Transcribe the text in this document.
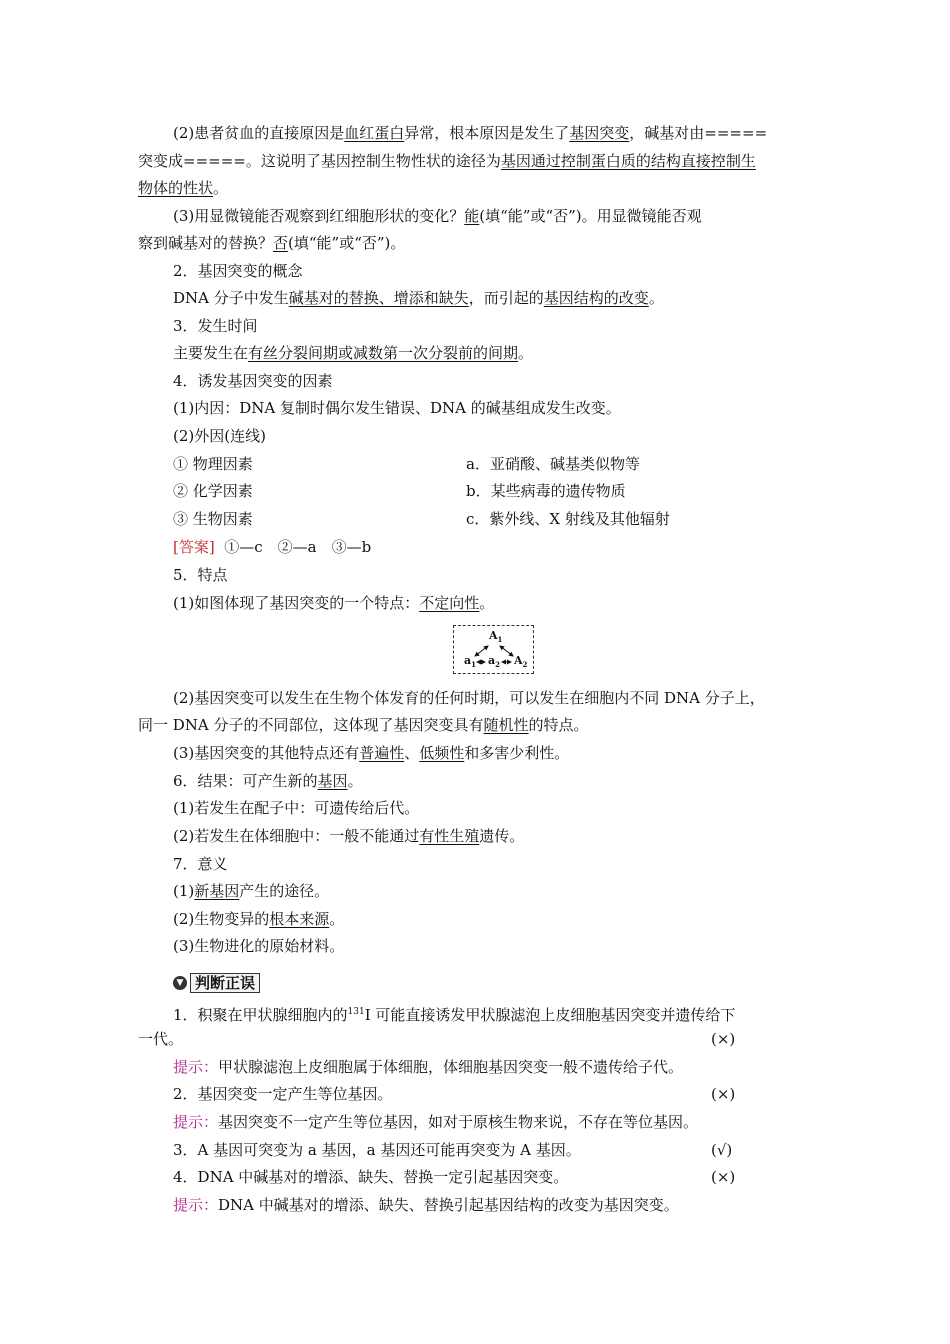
(2)患者贫血的直接原因是血红蛋白异常，根本原因是发生了基因突变，碱基对由=====
突变成=====。这说明了基因控制生物性状的途径为基因通过控制蛋白质的结构直接控制生
物体的性状。
(3)用显微镜能否观察到红细胞形状的变化？能(填“能”或“否”)。用显微镜能否观
察到碱基对的替换？否(填“能”或“否”)。
2．基因突变的概念
DNA 分子中发生碱基对的替换、增添和缺失，而引起的基因结构的改变。
3．发生时间
主要发生在有丝分裂间期或减数第一次分裂前的间期。
4．诱发基因突变的因素
(1)内因：DNA 复制时偶尔发生错误、DNA 的碱基组成发生改变。
(2)外因(连线)
① 物理因素	a．亚硝酸、碱基类似物等
② 化学因素	b．某些病毒的遗传物质
③ 生物因素	c．紫外线、X 射线及其他辐射
[答案] ①—c　②—a　③—b
5．特点
(1)如图体现了基因突变的一个特点：不定向性。
$A_1$
$a_1$ $a_2$ $A_2$
(2)基因突变可以发生在生物个体发育的任何时期，可以发生在细胞内不同 DNA 分子上，
同一 DNA 分子的不同部位，这体现了基因突变具有随机性的特点。
(3)基因突变的其他特点还有普遍性、低频性和多害少利性。
6．结果：可产生新的基因。
(1)若发生在配子中：可遗传给后代。
(2)若发生在体细胞中：一般不能通过有性生殖遗传。
7．意义
(1)新基因产生的途径。
(2)生物变异的根本来源。
(3)生物进化的原始材料。
▼ 判断正误
1．积聚在甲状腺细胞内的$^{131}$I 可能直接诱发甲状腺滤泡上皮细胞基因突变并遗传给下
一代。	(×)
提示：甲状腺滤泡上皮细胞属于体细胞，体细胞基因突变一般不遗传给子代。
2．基因突变一定产生等位基因。	(×)
提示：基因突变不一定产生等位基因，如对于原核生物来说，不存在等位基因。
3．A 基因可突变为 a 基因，a 基因还可能再突变为 A 基因。	(√)
4．DNA 中碱基对的增添、缺失、替换一定引起基因突变。	(×)
提示：DNA 中碱基对的增添、缺失、替换引起基因结构的改变为基因突变。
